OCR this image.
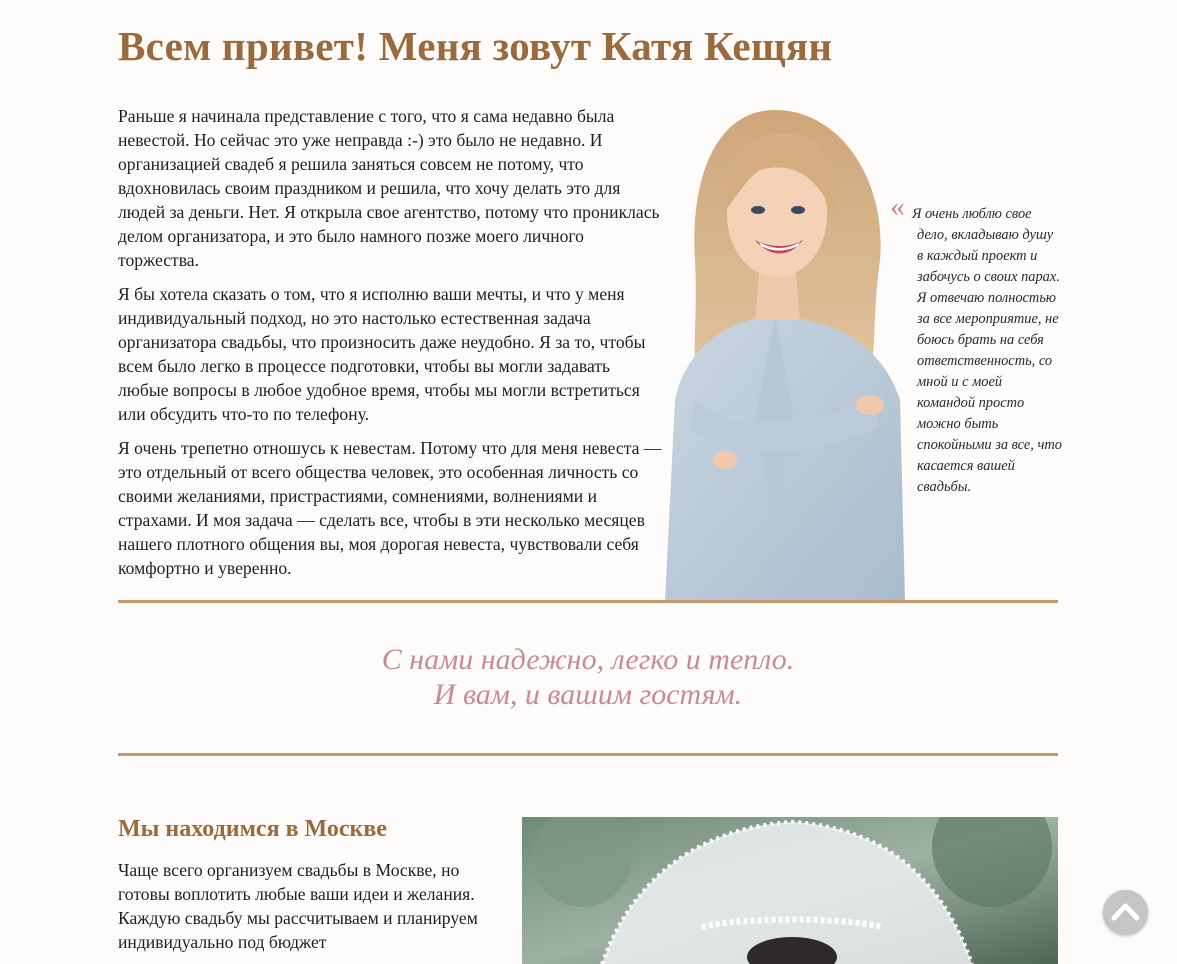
Всем привет! Меня зовут Катя Кещян

Раньше я начинала представление с того, что я сама недавно была невестой. Но сейчас это уже неправда :-) это было не недавно. И организацией свадеб я решила заняться совсем не потому, что вдохновилась своим праздником и решила, что хочу делать это для людей за деньги. Нет. Я открыла свое агентство, потому что прониклась делом организатора, и это было намного позже моего личного торжества.

Я бы хотела сказать о том, что я исполню ваши мечты, и что у меня индивидуальный подход, но это настолько естественная задача организатора свадьбы, что произносить даже неудобно. Я за то, чтобы всем было легко в процессе подготовки, чтобы вы могли задавать любые вопросы в любое удобное время, чтобы мы могли встретиться или обсудить что-то по телефону.

Я очень трепетно отношусь к невестам. Потому что для меня невеста — это отдельный от всего общества человек, это особенная личность со своими желаниями, пристрастиями, сомнениями, волнениями и страхами. И моя задача — сделать все, чтобы в эти несколько месяцев нашего плотного общения вы, моя дорогая невеста, чувствовали себя комфортно и уверенно.

« Я очень люблю свое дело, вкладываю душу в каждый проект и забочусь о своих парах. Я отвечаю полностью за все мероприятие, не боюсь брать на себя ответственность, со мной и с моей командой просто можно быть спокойными за все, что касается вашей свадьбы.
С нами надежно, легко и тепло.
И вам, и вашим гостям.
Мы находимся в Москве
Чаще всего организуем свадьбы в Москве, но готовы воплотить любые ваши идеи и желания. Каждую свадьбу мы рассчитываем и планируем индивидуально под бюджет
